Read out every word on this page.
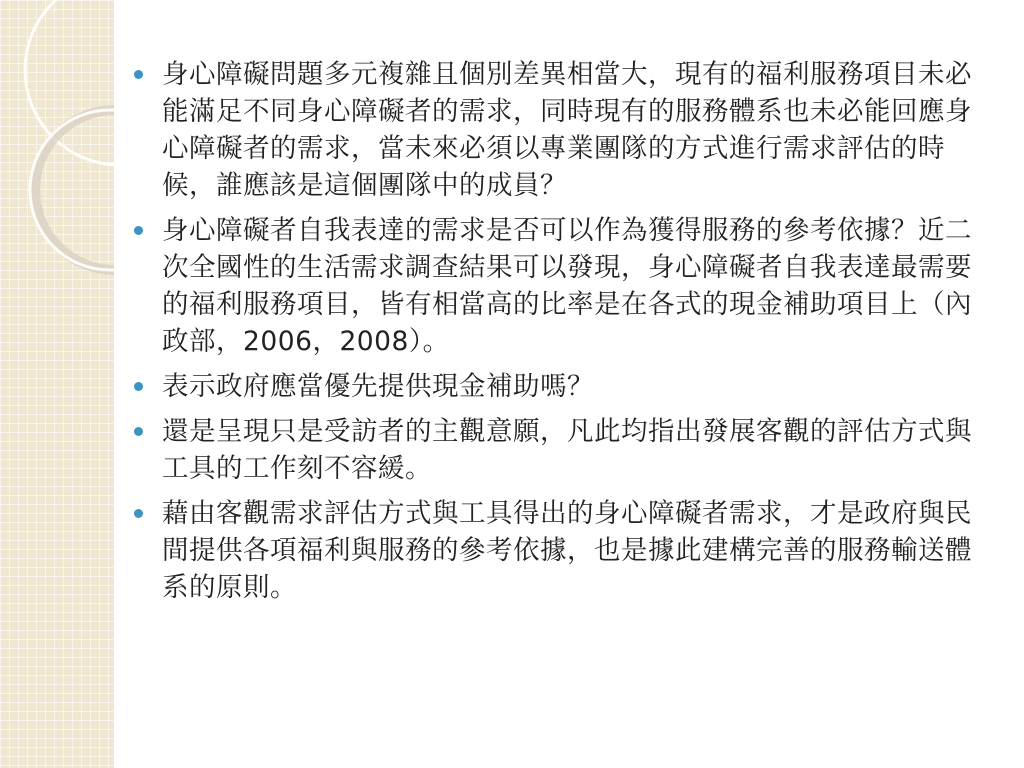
身心障礙問題多元複雜且個別差異相當大，現有的福利服務項目未必能滿足不同身心障礙者的需求，同時現有的服務體系也未必能回應身心障礙者的需求，當未來必須以專業團隊的方式進行需求評估的時候，誰應該是這個團隊中的成員？
身心障礙者自我表達的需求是否可以作為獲得服務的參考依據？近二次全國性的生活需求調查結果可以發現，身心障礙者自我表達最需要的福利服務項目，皆有相當高的比率是在各式的現金補助項目上（內政部，2006，2008）。
表示政府應當優先提供現金補助嗎？
還是呈現只是受訪者的主觀意願，凡此均指出發展客觀的評估方式與工具的工作刻不容緩。
藉由客觀需求評估方式與工具得出的身心障礙者需求，才是政府與民間提供各項福利與服務的參考依據，也是據此建構完善的服務輸送體系的原則。
